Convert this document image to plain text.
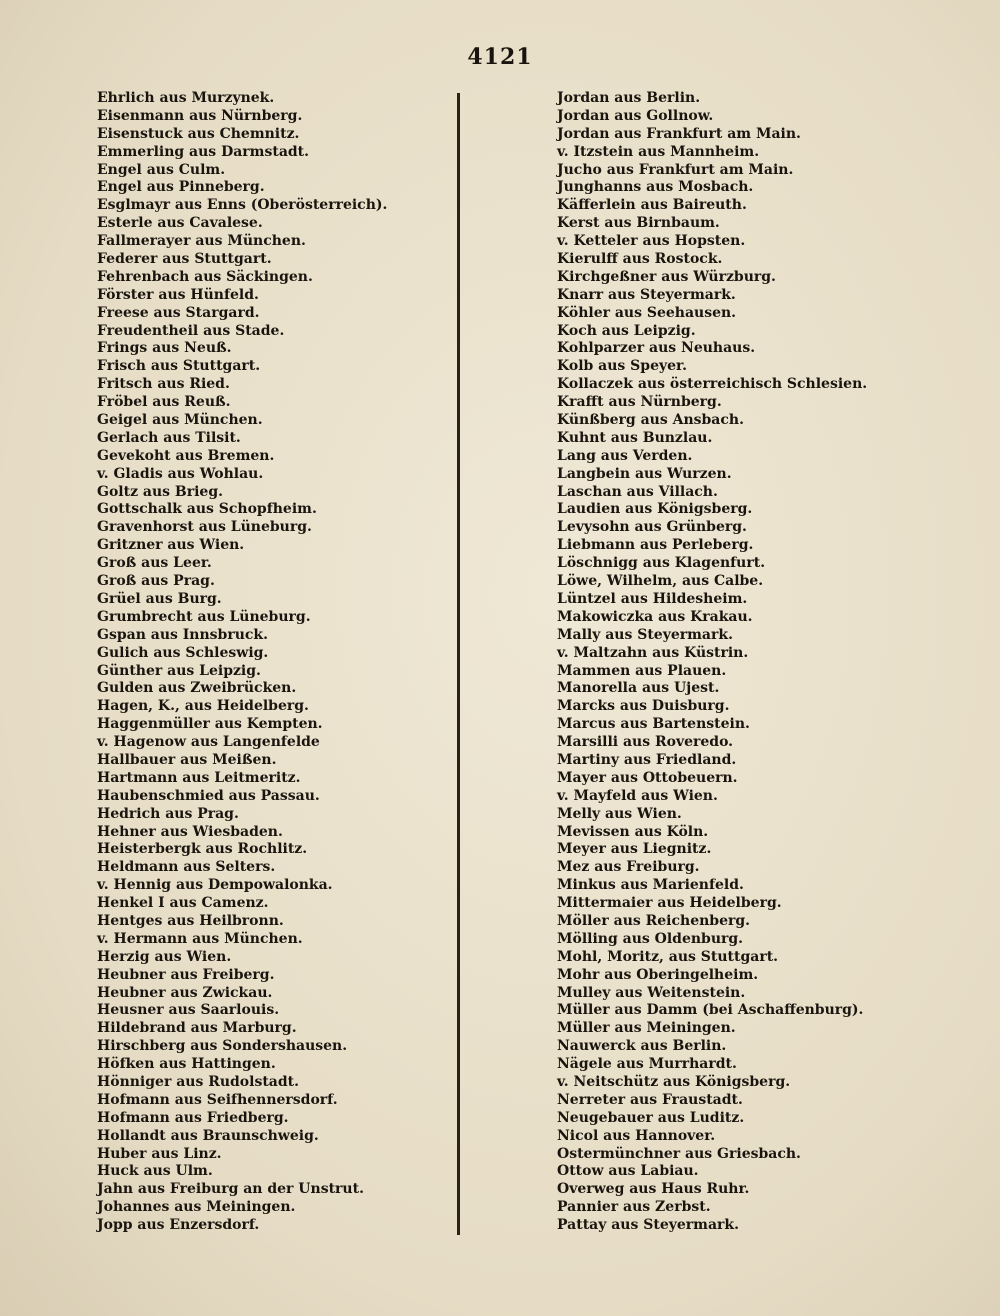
4121
Ehrlich aus Murzynek.
Eisenmann aus Nürnberg.
Eisenstuck aus Chemnitz.
Emmerling aus Darmstadt.
Engel aus Culm.
Engel aus Pinneberg.
Esglmayr aus Enns (Oberösterreich).
Esterle aus Cavalese.
Fallmerayer aus München.
Federer aus Stuttgart.
Fehrenbach aus Säckingen.
Förster aus Hünfeld.
Freese aus Stargard.
Freudentheil aus Stade.
Frings aus Neuß.
Frisch aus Stuttgart.
Fritsch aus Ried.
Fröbel aus Reuß.
Geigel aus München.
Gerlach aus Tilsit.
Gevekoht aus Bremen.
v. Gladis aus Wohlau.
Goltz aus Brieg.
Gottschalk aus Schopfheim.
Gravenhorst aus Lüneburg.
Gritzner aus Wien.
Groß aus Leer.
Groß aus Prag.
Grüel aus Burg.
Grumbrecht aus Lüneburg.
Gspan aus Innsbruck.
Gulich aus Schleswig.
Günther aus Leipzig.
Gulden aus Zweibrücken.
Hagen, K., aus Heidelberg.
Haggenmüller aus Kempten.
v. Hagenow aus Langenfelde
Hallbauer aus Meißen.
Hartmann aus Leitmeritz.
Haubenschmied aus Passau.
Hedrich aus Prag.
Hehner aus Wiesbaden.
Heisterbergk aus Rochlitz.
Heldmann aus Selters.
v. Hennig aus Dempowalonka.
Henkel I aus Camenz.
Hentges aus Heilbronn.
v. Hermann aus München.
Herzig aus Wien.
Heubner aus Freiberg.
Heubner aus Zwickau.
Heusner aus Saarlouis.
Hildebrand aus Marburg.
Hirschberg aus Sondershausen.
Höfken aus Hattingen.
Hönniger aus Rudolstadt.
Hofmann aus Seifhennersdorf.
Hofmann aus Friedberg.
Hollandt aus Braunschweig.
Huber aus Linz.
Huck aus Ulm.
Jahn aus Freiburg an der Unstrut.
Johannes aus Meiningen.
Jopp aus Enzersdorf.
Jordan aus Berlin.
Jordan aus Gollnow.
Jordan aus Frankfurt am Main.
v. Itzstein aus Mannheim.
Jucho aus Frankfurt am Main.
Junghanns aus Mosbach.
Käfferlein aus Baireuth.
Kerst aus Birnbaum.
v. Ketteler aus Hopsten.
Kierulff aus Rostock.
Kirchgeßner aus Würzburg.
Knarr aus Steyermark.
Köhler aus Seehausen.
Koch aus Leipzig.
Kohlparzer aus Neuhaus.
Kolb aus Speyer.
Kollaczek aus österreichisch Schlesien.
Krafft aus Nürnberg.
Künßberg aus Ansbach.
Kuhnt aus Bunzlau.
Lang aus Verden.
Langbein aus Wurzen.
Laschan aus Villach.
Laudien aus Königsberg.
Levysohn aus Grünberg.
Liebmann aus Perleberg.
Löschnigg aus Klagenfurt.
Löwe, Wilhelm, aus Calbe.
Lüntzel aus Hildesheim.
Makowiczka aus Krakau.
Mally aus Steyermark.
v. Maltzahn aus Küstrin.
Mammen aus Plauen.
Manorella aus Ujest.
Marcks aus Duisburg.
Marcus aus Bartenstein.
Marsilli aus Roveredo.
Martiny aus Friedland.
Mayer aus Ottobeuern.
v. Mayfeld aus Wien.
Melly aus Wien.
Mevissen aus Köln.
Meyer aus Liegnitz.
Mez aus Freiburg.
Minkus aus Marienfeld.
Mittermaier aus Heidelberg.
Möller aus Reichenberg.
Mölling aus Oldenburg.
Mohl, Moritz, aus Stuttgart.
Mohr aus Oberingelheim.
Mulley aus Weitenstein.
Müller aus Damm (bei Aschaffenburg).
Müller aus Meiningen.
Nauwerck aus Berlin.
Nägele aus Murrhardt.
v. Neitschütz aus Königsberg.
Nerreter aus Fraustadt.
Neugebauer aus Luditz.
Nicol aus Hannover.
Ostermünchner aus Griesbach.
Ottow aus Labiau.
Overweg aus Haus Ruhr.
Pannier aus Zerbst.
Pattay aus Steyermark.
